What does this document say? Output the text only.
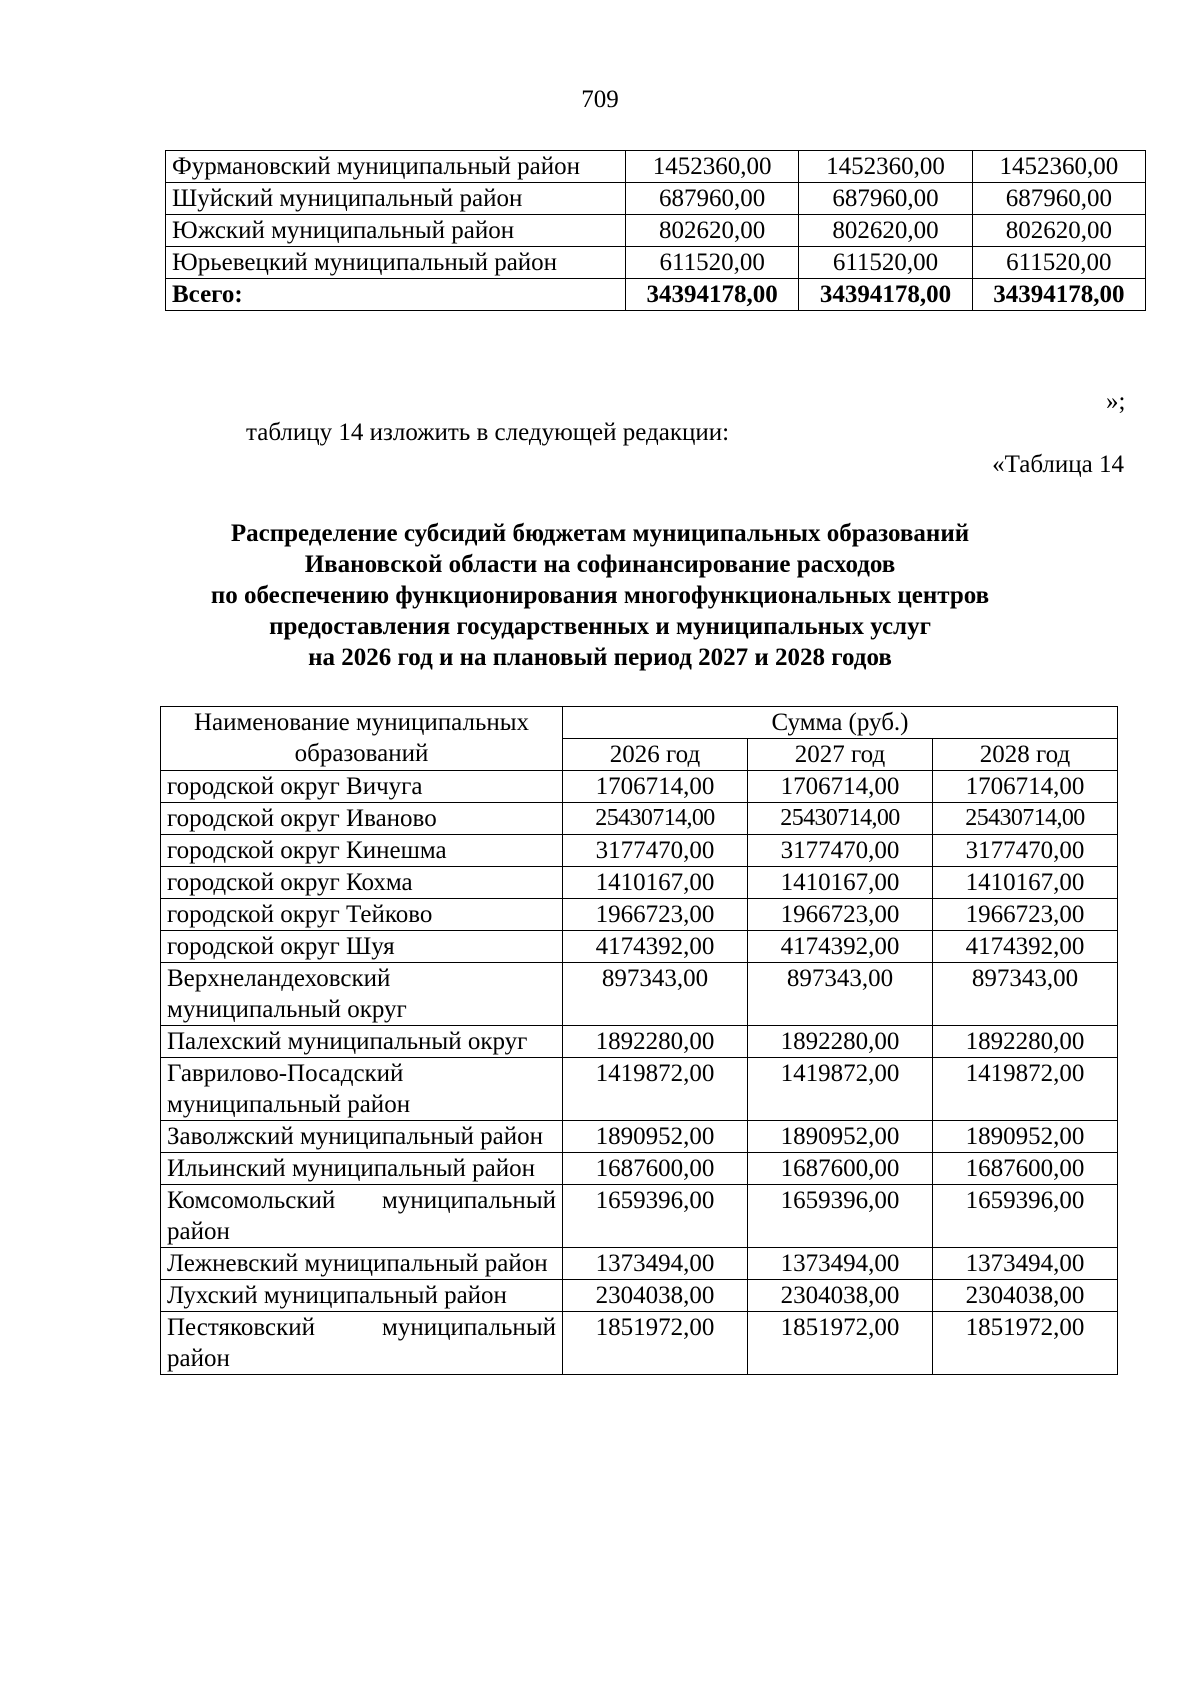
709
Фурмановский муниципальный район	1452360,00	1452360,00	1452360,00
Шуйский муниципальный район	687960,00	687960,00	687960,00
Южский муниципальный район	802620,00	802620,00	802620,00
Юрьевецкий муниципальный район	611520,00	611520,00	611520,00
Всего:	34394178,00	34394178,00	34394178,00
»;
таблицу 14 изложить в следующей редакции:
«Таблица 14
Распределение субсидий бюджетам муниципальных образований
Ивановской области на софинансирование расходов
по обеспечению функционирования многофункциональных центров
предоставления государственных и муниципальных услуг
на 2026 год и на плановый период 2027 и 2028 годов
Наименование муниципальных образований	Сумма (руб.)		
	2026 год	2027 год	2028 год
городской округ Вичуга	1706714,00	1706714,00	1706714,00
городской округ Иваново	25430714,00	25430714,00	25430714,00
городской округ Кинешма	3177470,00	3177470,00	3177470,00
городской округ Кохма	1410167,00	1410167,00	1410167,00
городской округ Тейково	1966723,00	1966723,00	1966723,00
городской округ Шуя	4174392,00	4174392,00	4174392,00
Верхнеландеховский муниципальный округ	897343,00	897343,00	897343,00
Палехский муниципальный округ	1892280,00	1892280,00	1892280,00
Гаврилово-Посадский муниципальный район	1419872,00	1419872,00	1419872,00
Заволжский муниципальный район	1890952,00	1890952,00	1890952,00
Ильинский муниципальный район	1687600,00	1687600,00	1687600,00
Комсомольский муниципальный район	1659396,00	1659396,00	1659396,00
Лежневский муниципальный район	1373494,00	1373494,00	1373494,00
Лухский муниципальный район	2304038,00	2304038,00	2304038,00
Пестяковский муниципальный район	1851972,00	1851972,00	1851972,00
